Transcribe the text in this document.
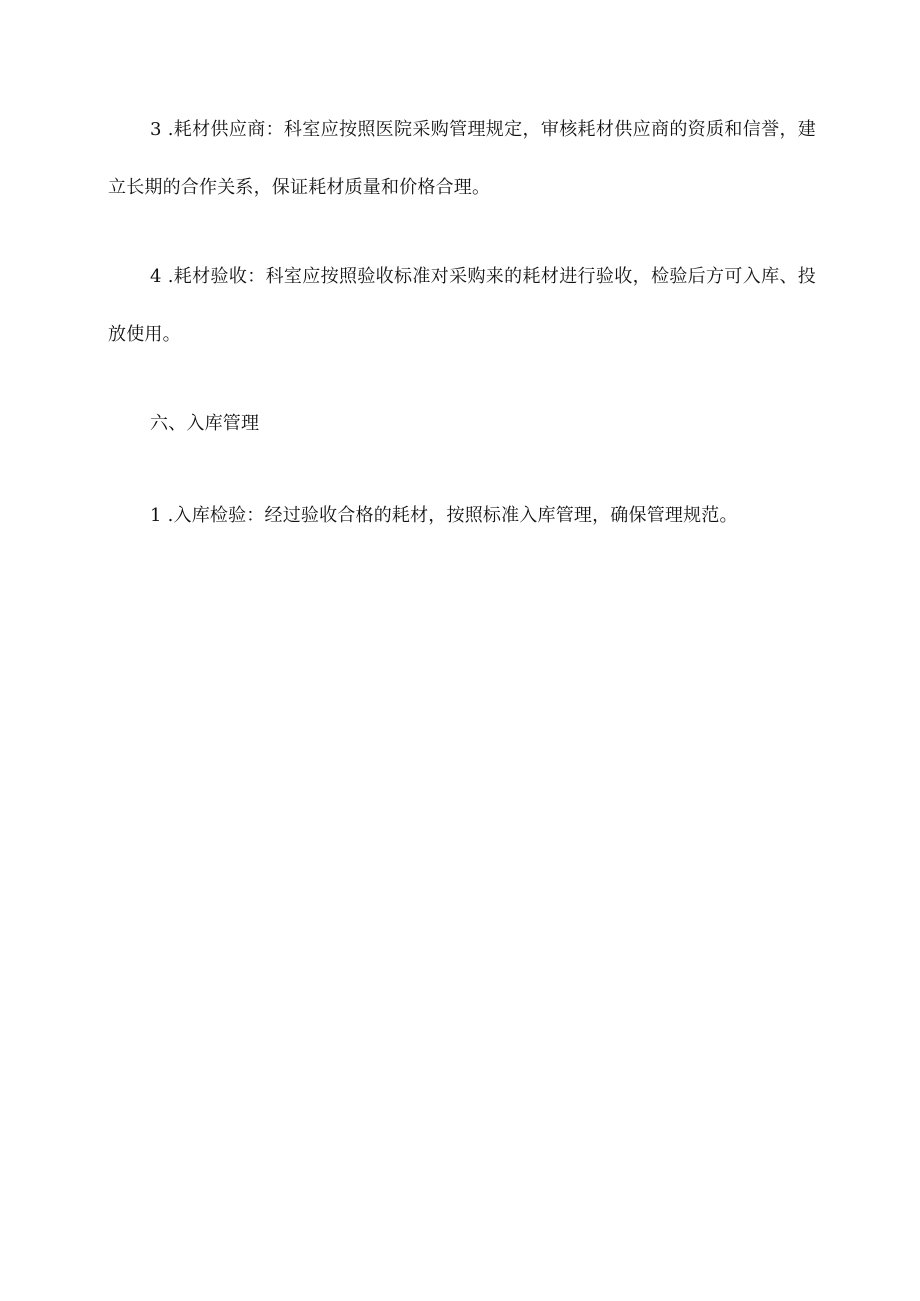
3 .耗材供应商：科室应按照医院采购管理规定，审核耗材供应商的资质和信誉，建立长期的合作关系，保证耗材质量和价格合理。

4 .耗材验收：科室应按照验收标准对采购来的耗材进行验收，检验后方可入库、投放使用。

六、入库管理

1 .入库检验：经过验收合格的耗材，按照标准入库管理，确保管理规范。
